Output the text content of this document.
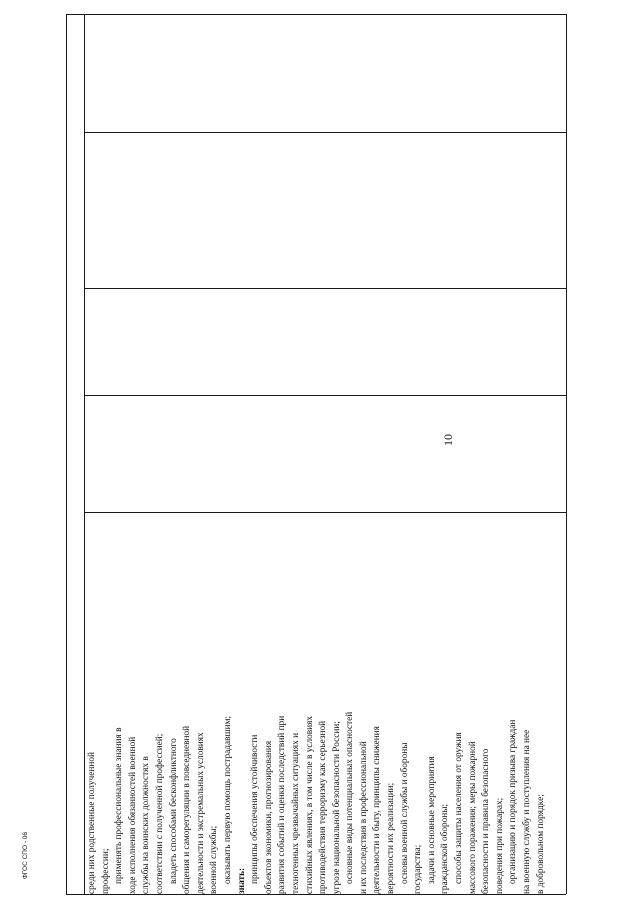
10

среди них родственные полученной профессии; применять профессиональные знания в ходе исполнения обязанностей военной службы на воинских должностях в соответствии с полученной профессией; владеть способами бесконфликтного общения и саморегуляции в повседневной деятельности и экстремальных условиях военной службы; оказывать первую помощь пострадавшим; знать: принципы обеспечения устойчивости объектов экономики, прогнозирования развития событий и оценки последствий при техногенных чрезвычайных ситуациях и стихийных явлениях, в том числе в условиях противодействия терроризму как серьезной угрозе национальной безопасности России; основные виды потенциальных опасностей и их последствия в профессиональной деятельности и быту, принципы снижения вероятности их реализации; основы военной службы и обороны государства; задачи и основные мероприятия гражданской обороны; способы защиты населения от оружия массового поражения; меры пожарной безопасности и правила безопасного поведения при пожарах; организацию и порядок призыва граждан на военную службу и поступления на нее в добровольном порядке;

ФГОС СПО - 06
